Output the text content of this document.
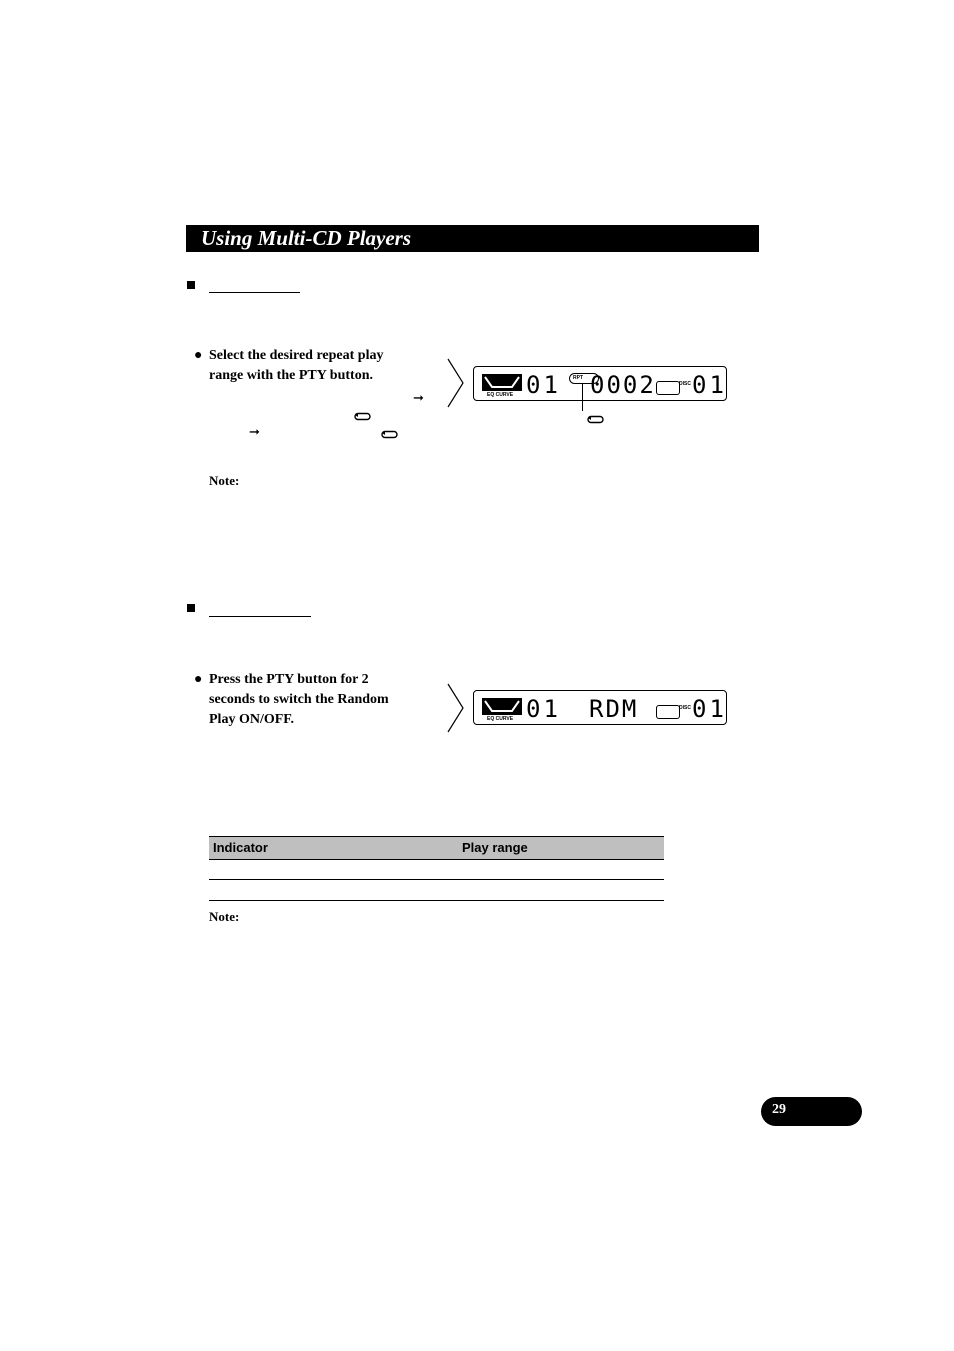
Using Multi-CD Players
● Select the desired repeat play
range with the PTY button.
➞
➞
EQ CURVE 01 RPT 0002	DISC 01
Note:
● Press the PTY button for 2
seconds to switch the Random
Play ON/OFF.	EQ CURVE 01 RDM	DISC 01
Indicator	Play range
Note:
29
